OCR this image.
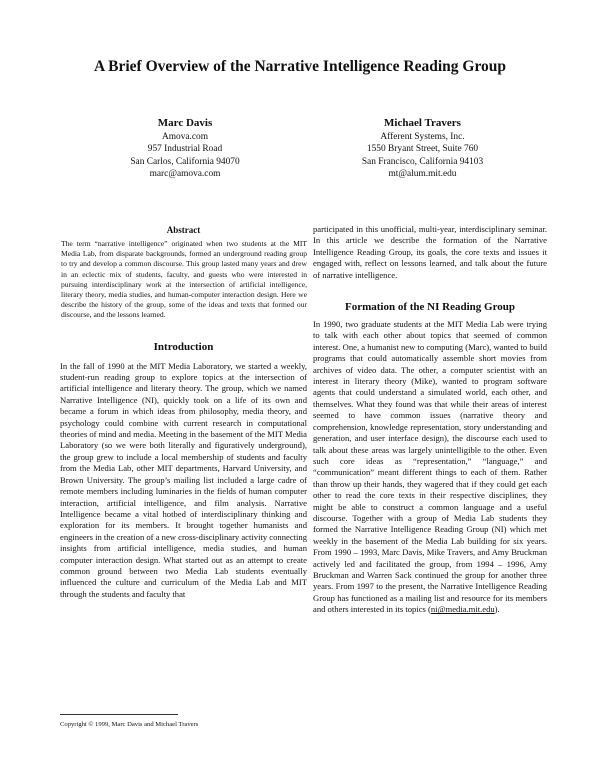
A Brief Overview of the Narrative Intelligence Reading Group
Marc Davis
Amova.com
957 Industrial Road
San Carlos, California 94070
marc@amova.com
Michael Travers
Afferent Systems, Inc.
1550 Bryant Street, Suite 760
San Francisco, California 94103
mt@alum.mit.edu
Abstract

The term “narrative intelligence” originated when two students at the MIT Media Lab, from disparate backgrounds, formed an underground reading group to try and develop a common discourse. This group lasted many years and drew in an eclectic mix of students, faculty, and guests who were interested in pursuing interdisciplinary work at the intersection of artificial intelligence, literary theory, media studies, and human-computer interaction design. Here we describe the history of the group, some of the ideas and texts that formed our discourse, and the lessons learned.

Introduction

In the fall of 1990 at the MIT Media Laboratory, we started a weekly, student-run reading group to explore topics at the intersection of artificial intelligence and literary theory. The group, which we named Narrative Intelligence (NI), quickly took on a life of its own and became a forum in which ideas from philosophy, media theory, and psychology could combine with current research in computational theories of mind and media. Meeting in the basement of the MIT Media Laboratory (so we were both literally and figuratively underground), the group grew to include a local membership of students and faculty from the Media Lab, other MIT departments, Harvard University, and Brown University. The group’s mailing list included a large cadre of remote members including luminaries in the fields of human computer interaction, artificial intelligence, and film analysis. Narrative Intelligence became a vital hotbed of interdisciplinary thinking and exploration for its members. It brought together humanists and engineers in the creation of a new cross-disciplinary activity connecting insights from artificial intelligence, media studies, and human computer interaction design. What started out as an attempt to create common ground between two Media Lab students eventually influenced the culture and curriculum of the Media Lab and MIT through the students and faculty that

participated in this unofficial, multi-year, interdisciplinary seminar. In this article we describe the formation of the Narrative Intelligence Reading Group, its goals, the core texts and issues it engaged with, reflect on lessons learned, and talk about the future of narrative intelligence.

Formation of the NI Reading Group

In 1990, two graduate students at the MIT Media Lab were trying to talk with each other about topics that seemed of common interest. One, a humanist new to computing (Marc), wanted to build programs that could automatically assemble short movies from archives of video data. The other, a computer scientist with an interest in literary theory (Mike), wanted to program software agents that could understand a simulated world, each other, and themselves. What they found was that while their areas of interest seemed to have common issues (narrative theory and comprehension, knowledge representation, story understanding and generation, and user interface design), the discourse each used to talk about these areas was largely unintelligible to the other. Even such core ideas as “representation,” “language,” and “communication” meant different things to each of them. Rather than throw up their hands, they wagered that if they could get each other to read the core texts in their respective disciplines, they might be able to construct a common language and a useful discourse. Together with a group of Media Lab students they formed the Narrative Intelligence Reading Group (NI) which met weekly in the basement of the Media Lab building for six years. From 1990 – 1993, Marc Davis, Mike Travers, and Amy Bruckman actively led and facilitated the group, from 1994 – 1996, Amy Bruckman and Warren Sack continued the group for another three years. From 1997 to the present, the Narrative Intelligence Reading Group has functioned as a mailing list and resource for its members and others interested in its topics (ni@media.mit.edu).

Copyright © 1999, Marc Davis and Michael Travers
